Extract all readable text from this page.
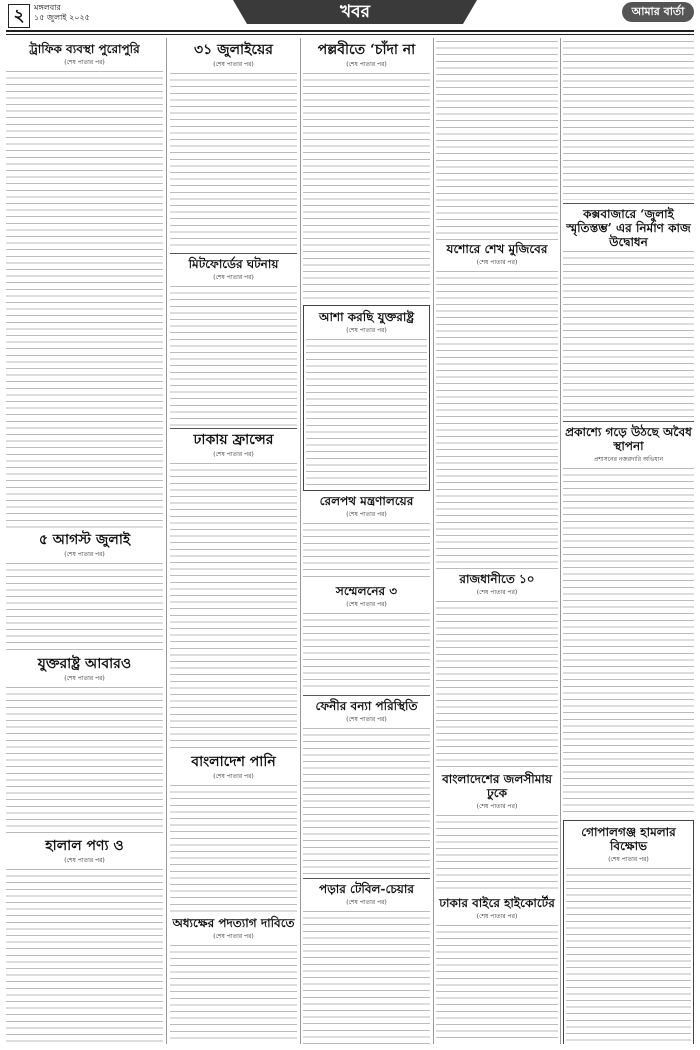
২	মঙ্গলবার
১৫ জুলাই ২০২৫	খবর	আমার বার্তা
ট্রাফিক ব্যবস্থা পুরোপুরি
(শেষ পাতার পর)

৫ আগস্ট জুলাই
(শেষ পাতার পর)
যুক্তরাষ্ট্র আবারও
(শেষ পাতার পর)
হালাল পণ্য ও
(শেষ পাতার পর)
৩১ জুলাইয়ের
(শেষ পাতার পর)
মিটফোর্ডের ঘটনায়
(শেষ পাতার পর)
ঢাকায় ফ্রান্সের
(শেষ পাতার পর)
বাংলাদেশ পানি
(শেষ পাতার পর)
অধ্যক্ষের পদত্যাগ দাবিতে
(শেষ পাতার পর)
পল্লবীতে ‘চাঁদা না
(শেষ পাতার পর)
আশা করছি যুক্তরাষ্ট্র
(শেষ পাতার পর)
রেলপথ মন্ত্রণালয়ের
(শেষ পাতার পর)
সম্মেলনের ৩
(শেষ পাতার পর)
ফেনীর বন্যা পরিস্থিতি
(শেষ পাতার পর)
পড়ার টেবিল-চেয়ার
(শেষ পাতার পর)
যশোরে শেখ মুজিবের
(শেষ পাতার পর)
রাজধানীতে ১০
(শেষ পাতার পর)
বাংলাদেশের জলসীমায় ঢুকে
(শেষ পাতার পর)
ঢাকার বাইরে হাইকোর্টের
(শেষ পাতার পর)
কক্সবাজারে ‘জুলাই স্মৃতিস্তম্ভ’ এর নির্মাণ কাজ উদ্বোধন
প্রকাশ্যে গড়ে উঠছে অবৈধ স্থাপনা
প্রশাসনের নজরদারি অভিযান
গোপালগঞ্জ হামলার বিক্ষোভ
(শেষ পাতার পর)
